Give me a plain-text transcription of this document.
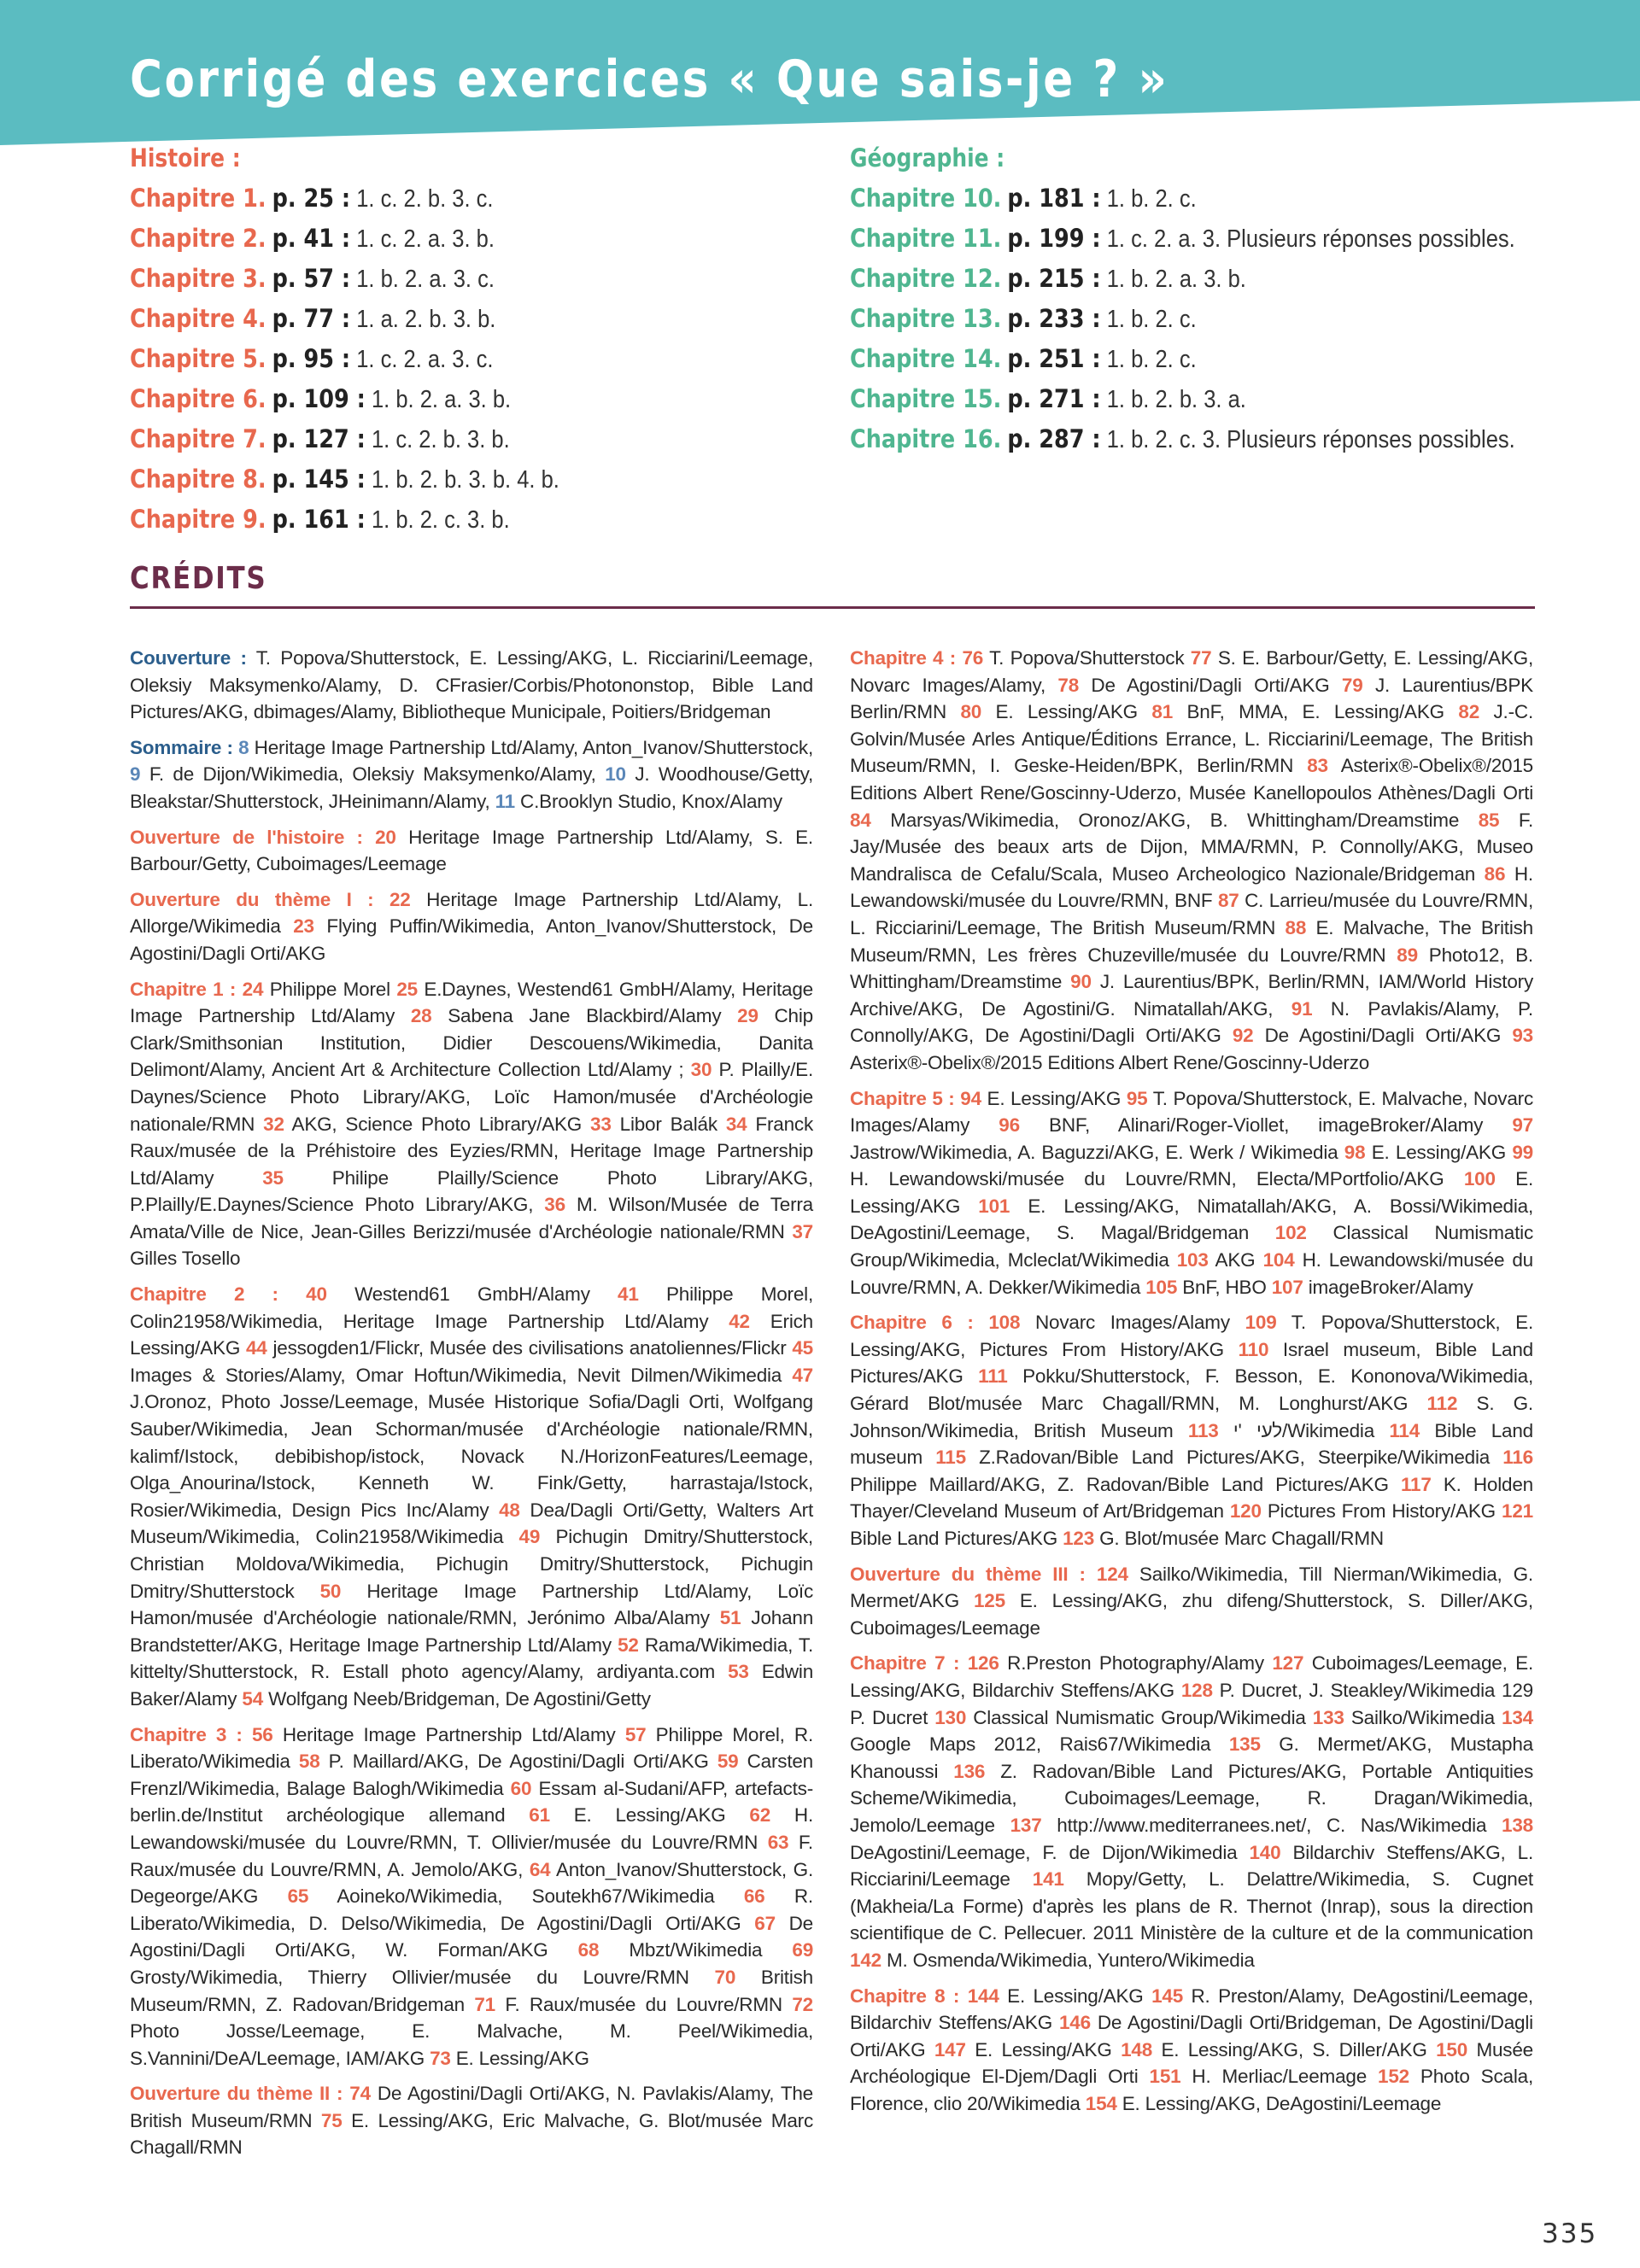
Corrigé des exercices « Que sais-je ? »
Histoire :
Chapitre 1. p. 25 : 1. c. 2. b. 3. c.
Chapitre 2. p. 41 : 1. c. 2. a. 3. b.
Chapitre 3. p. 57 : 1. b. 2. a. 3. c.
Chapitre 4. p. 77 : 1. a. 2. b. 3. b.
Chapitre 5. p. 95 : 1. c. 2. a. 3. c.
Chapitre 6. p. 109 : 1. b. 2. a. 3. b.
Chapitre 7. p. 127 : 1. c. 2. b. 3. b.
Chapitre 8. p. 145 : 1. b. 2. b. 3. b. 4. b.
Chapitre 9. p. 161 : 1. b. 2. c. 3. b.
Géographie :
Chapitre 10. p. 181 : 1. b. 2. c.
Chapitre 11. p. 199 : 1. c. 2. a. 3. Plusieurs réponses possibles.
Chapitre 12. p. 215 : 1. b. 2. a. 3. b.
Chapitre 13. p. 233 : 1. b. 2. c.
Chapitre 14. p. 251 : 1. b. 2. c.
Chapitre 15. p. 271 : 1. b. 2. b. 3. a.
Chapitre 16. p. 287 : 1. b. 2. c. 3. Plusieurs réponses possibles.
CRÉDITS

Couverture : T. Popova/Shutterstock, E. Lessing/AKG, L. Ricciarini/Leemage, Oleksiy Maksymenko/Alamy, D. CFrasier/Corbis/Photononstop, Bible Land Pictures/AKG, dbimages/Alamy, Bibliotheque Municipale, Poitiers/Bridgeman

Sommaire : 8 Heritage Image Partnership Ltd/Alamy, Anton_Ivanov/Shutterstock, 9 F. de Dijon/Wikimedia, Oleksiy Maksymenko/Alamy, 10 J. Woodhouse/Getty, Bleakstar/Shutterstock, JHeinimann/Alamy, 11 C.Brooklyn Studio, Knox/Alamy

Ouverture de l'histoire : 20 Heritage Image Partnership Ltd/Alamy, S. E. Barbour/Getty, Cuboimages/Leemage

Ouverture du thème I : 22 Heritage Image Partnership Ltd/Alamy, L. Allorge/Wikimedia 23 Flying Puffin/Wikimedia, Anton_Ivanov/Shutterstock, De Agostini/Dagli Orti/AKG

Chapitre 1 : 24 Philippe Morel 25 E.Daynes, Westend61 GmbH/Alamy, Heritage Image Partnership Ltd/Alamy 28 Sabena Jane Blackbird/Alamy 29 Chip Clark/Smithsonian Institution, Didier Descouens/Wikimedia, Danita Delimont/Alamy, Ancient Art & Architecture Collection Ltd/Alamy ; 30 P. Plailly/E. Daynes/Science Photo Library/AKG, Loïc Hamon/musée d'Archéologie nationale/RMN 32 AKG, Science Photo Library/AKG 33 Libor Balák 34 Franck Raux/musée de la Préhistoire des Eyzies/RMN, Heritage Image Partnership Ltd/Alamy 35 Philipe Plailly/Science Photo Library/AKG, P.Plailly/E.Daynes/Science Photo Library/AKG, 36 M. Wilson/Musée de Terra Amata/Ville de Nice, Jean-Gilles Berizzi/musée d'Archéologie nationale/RMN 37 Gilles Tosello

Chapitre 2 : 40 Westend61 GmbH/Alamy 41 Philippe Morel, Colin21958/Wikimedia, Heritage Image Partnership Ltd/Alamy 42 Erich Lessing/AKG 44 jessogden1/Flickr, Musée des civilisations anatoliennes/Flickr 45 Images & Stories/Alamy, Omar Hoftun/Wikimedia, Nevit Dilmen/Wikimedia 47 J.Oronoz, Photo Josse/Leemage, Musée Historique Sofia/Dagli Orti, Wolfgang Sauber/Wikimedia, Jean Schorman/musée d'Archéologie nationale/RMN, kalimf/Istock, debibishop/istock, Novack N./HorizonFeatures/Leemage, Olga_Anourina/Istock, Kenneth W. Fink/Getty, harrastaja/Istock, Rosier/Wikimedia, Design Pics Inc/Alamy 48 Dea/Dagli Orti/Getty, Walters Art Museum/Wikimedia, Colin21958/Wikimedia 49 Pichugin Dmitry/Shutterstock, Christian Moldova/Wikimedia, Pichugin Dmitry/Shutterstock, Pichugin Dmitry/Shutterstock 50 Heritage Image Partnership Ltd/Alamy, Loïc Hamon/musée d'Archéologie nationale/RMN, Jerónimo Alba/Alamy 51 Johann Brandstetter/AKG, Heritage Image Partnership Ltd/Alamy 52 Rama/Wikimedia, T. kittelty/Shutterstock, R. Estall photo agency/Alamy, ardiyanta.com 53 Edwin Baker/Alamy 54 Wolfgang Neeb/Bridgeman, De Agostini/Getty

Chapitre 3 : 56 Heritage Image Partnership Ltd/Alamy 57 Philippe Morel, R. Liberato/Wikimedia 58 P. Maillard/AKG, De Agostini/Dagli Orti/AKG 59 Carsten Frenzl/Wikimedia, Balage Balogh/Wikimedia 60 Essam al-Sudani/AFP, artefacts-berlin.de/Institut archéologique allemand 61 E. Lessing/AKG 62 H. Lewandowski/musée du Louvre/RMN, T. Ollivier/musée du Louvre/RMN 63 F. Raux/musée du Louvre/RMN, A. Jemolo/AKG, 64 Anton_Ivanov/Shutterstock, G. Degeorge/AKG 65 Aoineko/Wikimedia, Soutekh67/Wikimedia 66 R. Liberato/Wikimedia, D. Delso/Wikimedia, De Agostini/Dagli Orti/AKG 67 De Agostini/Dagli Orti/AKG, W. Forman/AKG 68 Mbzt/Wikimedia 69 Grosty/Wikimedia, Thierry Ollivier/musée du Louvre/RMN 70 British Museum/RMN, Z. Radovan/Bridgeman 71 F. Raux/musée du Louvre/RMN 72 Photo Josse/Leemage, E. Malvache, M. Peel/Wikimedia, S.Vannini/DeA/Leemage, IAM/AKG 73 E. Lessing/AKG

Ouverture du thème II : 74 De Agostini/Dagli Orti/AKG, N. Pavlakis/Alamy, The British Museum/RMN 75 E. Lessing/AKG, Eric Malvache, G. Blot/musée Marc Chagall/RMN

Chapitre 4 : 76 T. Popova/Shutterstock 77 S. E. Barbour/Getty, E. Lessing/AKG, Novarc Images/Alamy, 78 De Agostini/Dagli Orti/AKG 79 J. Laurentius/BPK Berlin/RMN 80 E. Lessing/AKG 81 BnF, MMA, E. Lessing/AKG 82 J.-C. Golvin/Musée Arles Antique/Éditions Errance, L. Ricciarini/Leemage, The British Museum/RMN, I. Geske-Heiden/BPK, Berlin/RMN 83 Asterix®-Obelix®/2015 Editions Albert Rene/Goscinny-Uderzo, Musée Kanellopoulos Athènes/Dagli Orti 84 Marsyas/Wikimedia, Oronoz/AKG, B. Whittingham/Dreamstime 85 F. Jay/Musée des beaux arts de Dijon, MMA/RMN, P. Connolly/AKG, Museo Mandralisca de Cefalu/Scala, Museo Archeologico Nazionale/Bridgeman 86 H. Lewandowski/musée du Louvre/RMN, BNF 87 C. Larrieu/musée du Louvre/RMN, L. Ricciarini/Leemage, The British Museum/RMN 88 E. Malvache, The British Museum/RMN, Les frères Chuzeville/musée du Louvre/RMN 89 Photo12, B. Whittingham/Dreamstime 90 J. Laurentius/BPK, Berlin/RMN, IAM/World History Archive/AKG, De Agostini/G. Nimatallah/AKG, 91 N. Pavlakis/Alamy, P. Connolly/AKG, De Agostini/Dagli Orti/AKG 92 De Agostini/Dagli Orti/AKG 93 Asterix®-Obelix®/2015 Editions Albert Rene/Goscinny-Uderzo

Chapitre 5 : 94 E. Lessing/AKG 95 T. Popova/Shutterstock, E. Malvache, Novarc Images/Alamy 96 BNF, Alinari/Roger-Viollet, imageBroker/Alamy 97 Jastrow/Wikimedia, A. Baguzzi/AKG, E. Werk / Wikimedia 98 E. Lessing/AKG 99 H. Lewandowski/musée du Louvre/RMN, Electa/MPortfolio/AKG 100 E. Lessing/AKG 101 E. Lessing/AKG, Nimatallah/AKG, A. Bossi/Wikimedia, DeAgostini/Leemage, S. Magal/Bridgeman 102 Classical Numismatic Group/Wikimedia, Mcleclat/Wikimedia 103 AKG 104 H. Lewandowski/musée du Louvre/RMN, A. Dekker/Wikimedia 105 BnF, HBO 107 imageBroker/Alamy

Chapitre 6 : 108 Novarc Images/Alamy 109 T. Popova/Shutterstock, E. Lessing/AKG, Pictures From History/AKG 110 Israel museum, Bible Land Pictures/AKG 111 Pokku/Shutterstock, F. Besson, E. Kononova/Wikimedia, Gérard Blot/musée Marc Chagall/RMN, M. Longhurst/AKG 112 S. G. Johnson/Wikimedia, British Museum 113 לעי 'י/Wikimedia 114 Bible Land museum 115 Z.Radovan/Bible Land Pictures/AKG, Steerpike/Wikimedia 116 Philippe Maillard/AKG, Z. Radovan/Bible Land Pictures/AKG 117 K. Holden Thayer/Cleveland Museum of Art/Bridgeman 120 Pictures From History/AKG 121 Bible Land Pictures/AKG 123 G. Blot/musée Marc Chagall/RMN

Ouverture du thème III : 124 Sailko/Wikimedia, Till Nierman/Wikimedia, G. Mermet/AKG 125 E. Lessing/AKG, zhu difeng/Shutterstock, S. Diller/AKG, Cuboimages/Leemage

Chapitre 7 : 126 R.Preston Photography/Alamy 127 Cuboimages/Leemage, E. Lessing/AKG, Bildarchiv Steffens/AKG 128 P. Ducret, J. Steakley/Wikimedia 129 P. Ducret 130 Classical Numismatic Group/Wikimedia 133 Sailko/Wikimedia 134 Google Maps 2012, Rais67/Wikimedia 135 G. Mermet/AKG, Mustapha Khanoussi 136 Z. Radovan/Bible Land Pictures/AKG, Portable Antiquities Scheme/Wikimedia, Cuboimages/Leemage, R. Dragan/Wikimedia, Jemolo/Leemage 137 http://www.mediterranees.net/, C. Nas/Wikimedia 138 DeAgostini/Leemage, F. de Dijon/Wikimedia 140 Bildarchiv Steffens/AKG, L. Ricciarini/Leemage 141 Mopy/Getty, L. Delattre/Wikimedia, S. Cugnet (Makheia/La Forme) d'après les plans de R. Thernot (Inrap), sous la direction scientifique de C. Pellecuer. 2011 Ministère de la culture et de la communication 142 M. Osmenda/Wikimedia, Yuntero/Wikimedia

Chapitre 8 : 144 E. Lessing/AKG 145 R. Preston/Alamy, DeAgostini/Leemage, Bildarchiv Steffens/AKG 146 De Agostini/Dagli Orti/Bridgeman, De Agostini/Dagli Orti/AKG 147 E. Lessing/AKG 148 E. Lessing/AKG, S. Diller/AKG 150 Musée Archéologique El-Djem/Dagli Orti 151 H. Merliac/Leemage 152 Photo Scala, Florence, clio 20/Wikimedia 154 E. Lessing/AKG, DeAgostini/Leemage

335
